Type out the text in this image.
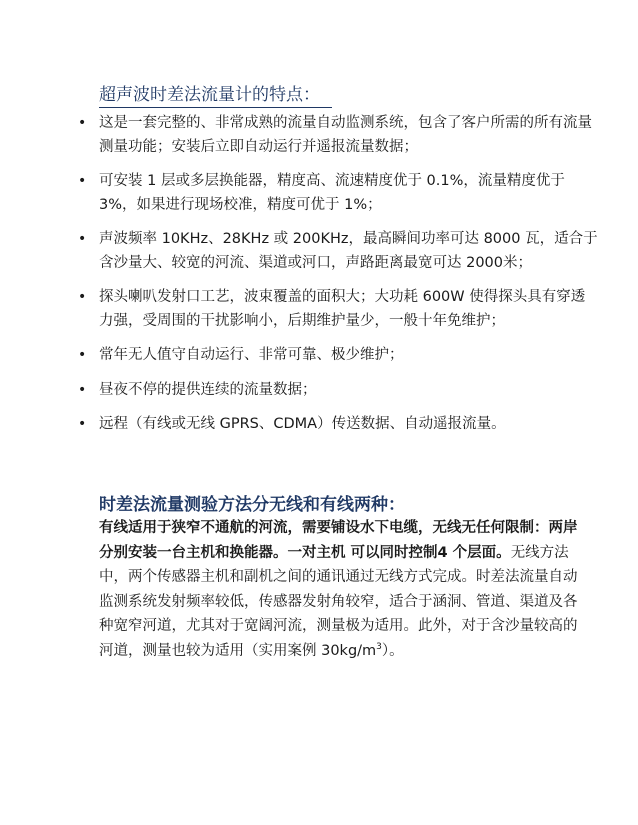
超声波时差法流量计的特点：
• 这是一套完整的、非常成熟的流量自动监测系统，包含了客户所需的所有流量测量功能；安装后立即自动运行并遥报流量数据；
• 可安装 1 层或多层换能器，精度高、流速精度优于 0.1%，流量精度优于 3%，如果进行现场校准，精度可优于 1%；
• 声波频率 10KHz、28KHz 或 200KHz，最高瞬间功率可达 8000 瓦，适合于含沙量大、较宽的河流、渠道或河口，声路距离最宽可达 2000米；
• 探头喇叭发射口工艺，波束覆盖的面积大；大功耗 600W 使得探头具有穿透力强，受周围的干扰影响小，后期维护量少，一般十年免维护；
• 常年无人值守自动运行、非常可靠、极少维护；
• 昼夜不停的提供连续的流量数据；
• 远程（有线或无线 GPRS、CDMA）传送数据、自动遥报流量。
时差法流量测验方法分无线和有线两种：
有线适用于狭窄不通航的河流，需要铺设水下电缆，无线无任何限制：两岸分别安装一台主机和换能器。一对主机 可以同时控制4 个层面。无线方法中，两个传感器主机和副机之间的通讯通过无线方式完成。时差法流量自动监测系统发射频率较低，传感器发射角较窄，适合于涵洞、管道、渠道及各种宽窄河道，尤其对于宽阔河流，测量极为适用。此外，对于含沙量较高的河道，测量也较为适用（实用案例 $30kg/m^3$）。
